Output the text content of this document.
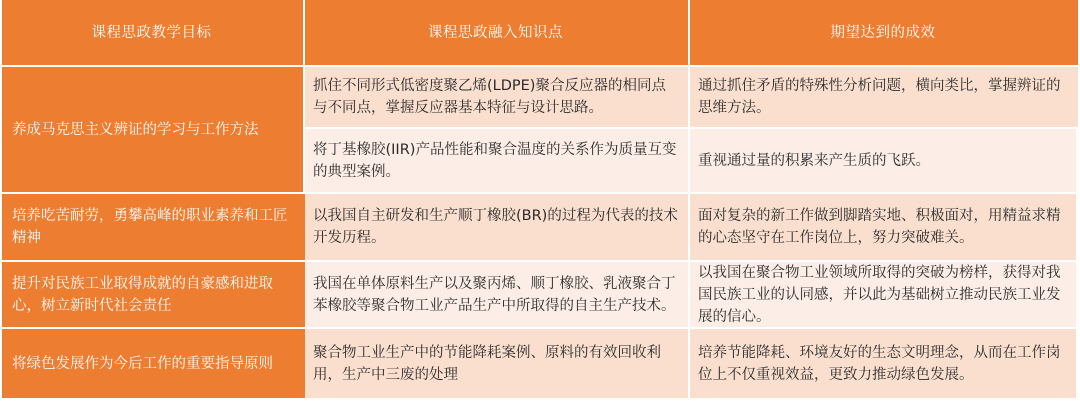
课程思政教学目标	课程思政融入知识点	期望达到的成效
养成马克思主义辨证的学习与工作方法
抓住不同形式低密度聚乙烯(LDPE)聚合反应器的相同点与不同点，掌握反应器基本特征与设计思路。
通过抓住矛盾的特殊性分析问题，横向类比，掌握辨证的思维方法。
将丁基橡胶(IIR)产品性能和聚合温度的关系作为质量互变的典型案例。
重视通过量的积累来产生质的飞跃。
培养吃苦耐劳，勇攀高峰的职业素养和工匠精神
以我国自主研发和生产顺丁橡胶(BR)的过程为代表的技术开发历程。
面对复杂的新工作做到脚踏实地、积极面对，用精益求精的心态坚守在工作岗位上，努力突破难关。
提升对民族工业取得成就的自豪感和进取心，树立新时代社会责任
我国在单体原料生产以及聚丙烯、顺丁橡胶、乳液聚合丁苯橡胶等聚合物工业产品生产中所取得的自主生产技术。
以我国在聚合物工业领域所取得的突破为榜样，获得对我国民族工业的认同感，并以此为基础树立推动民族工业发展的信心。
将绿色发展作为今后工作的重要指导原则
聚合物工业生产中的节能降耗案例、原料的有效回收利用，生产中三废的处理
培养节能降耗、环境友好的生态文明理念，从而在工作岗位上不仅重视效益，更致力推动绿色发展。
